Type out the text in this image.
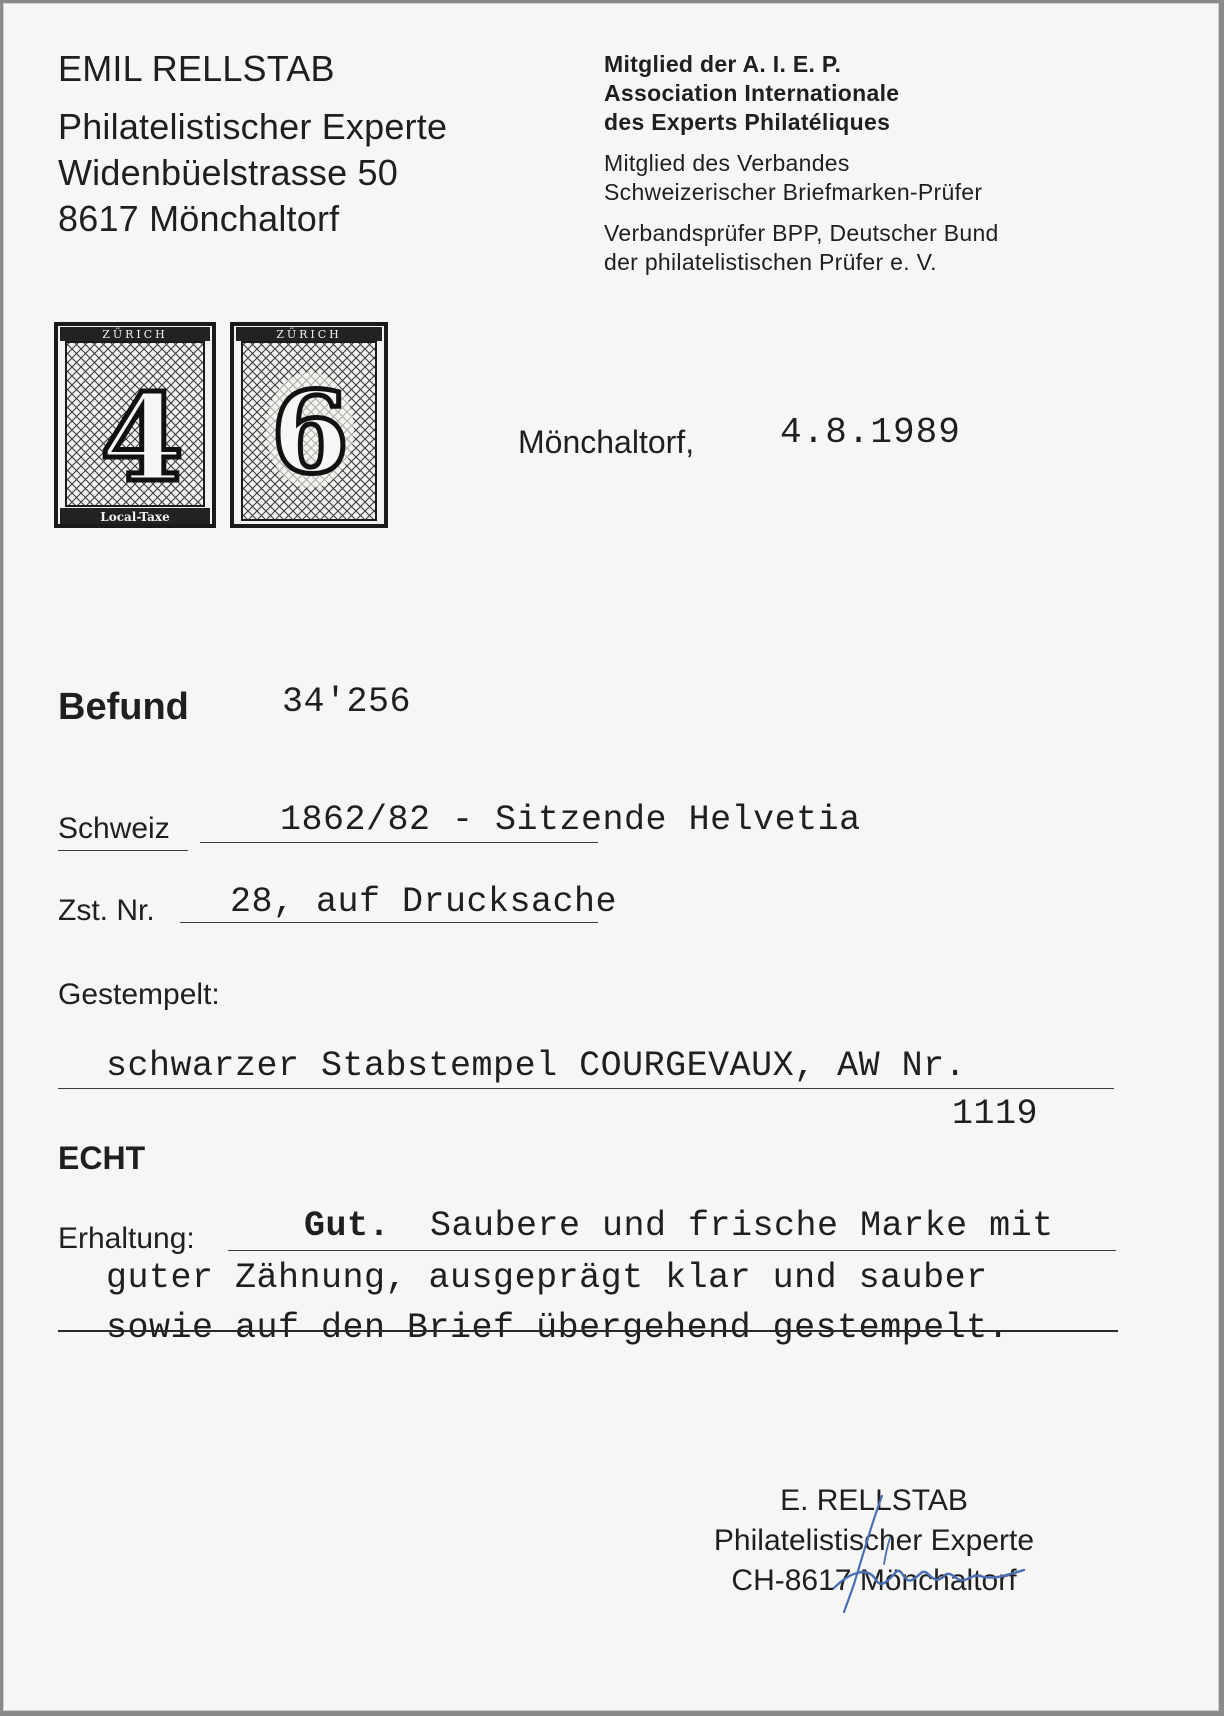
EMIL RELLSTAB
Philatelistischer Experte
Widenbüelstrasse 50
8617 Mönchaltorf
Mitglied der A. I. E. P.
Association Internationale
des Experts Philatéliques
Mitglied des Verbandes
Schweizerischer Briefmarken-Prüfer
Verbandsprüfer BPP, Deutscher Bund
der philatelistischen Prüfer e. V.
ZÜRICH
Local-Taxe
4
ZÜRICH
6	Mönchaltorf, 4.8.1989
Befund	34'256
Schweiz	1862/82 - Sitzende Helvetia
Zst. Nr. 28, auf Drucksache
Gestempelt:
schwarzer Stabstempel COURGEVAUX, AW Nr.
1119
ECHT
Erhaltung:	Gut. Saubere und frische Marke mit
guter Zähnung, ausgeprägt klar und sauber
sowie auf den Brief übergehend gestempelt.
E. RELLSTAB
Philatelistischer Experte
CH-8617 Mönchaltorf
